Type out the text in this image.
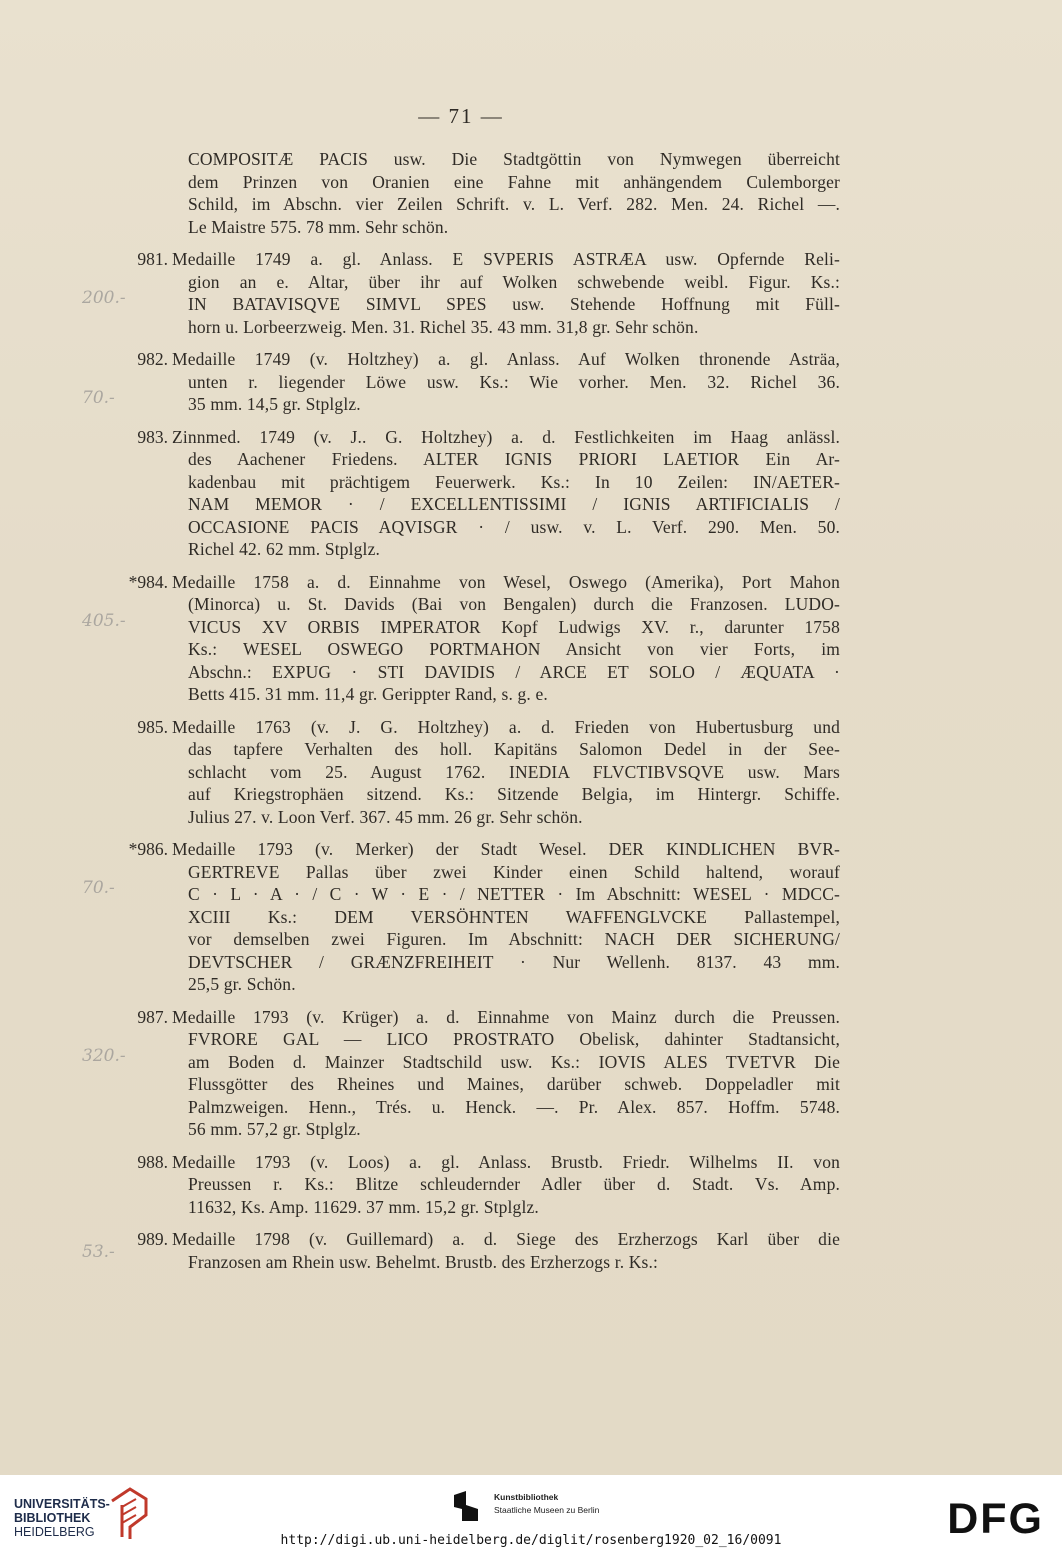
— 71 —
COMPOSITÆ PACIS usw. Die Stadtgöttin von Nymwegen überreicht
dem Prinzen von Oranien eine Fahne mit anhängendem Culemborger
Schild, im Abschn. vier Zeilen Schrift. v. L. Verf. 282. Men. 24. Richel —.
Le Maistre 575. 78 mm. Sehr schön.
981.
200.-
Medaille 1749 a. gl. Anlass. E SVPERIS ASTRÆA usw. Opfernde Reli-
gion an e. Altar, über ihr auf Wolken schwebende weibl. Figur. Ks.:
IN BATAVISQVE SIMVL SPES usw. Stehende Hoffnung mit Füll-
horn u. Lorbeerzweig. Men. 31. Richel 35. 43 mm. 31,8 gr. Sehr schön.
982.
70.-
Medaille 1749 (v. Holtzhey) a. gl. Anlass. Auf Wolken thronende Asträa,
unten r. liegender Löwe usw. Ks.: Wie vorher. Men. 32. Richel 36.
35 mm. 14,5 gr. Stplglz.
983. Zinnmed. 1749 (v. J.. G. Holtzhey) a. d. Festlichkeiten im Haag anlässl.
des Aachener Friedens. ALTER IGNIS PRIORI LAETIOR Ein Ar-
kadenbau mit prächtigem Feuerwerk. Ks.: In 10 Zeilen: IN/AETER-
NAM MEMOR · / EXCELLENTISSIMI / IGNIS ARTIFICIALIS /
OCCASIONE PACIS AQVISGR · / usw. v. L. Verf. 290. Men. 50.
Richel 42. 62 mm. Stplglz.
*984.
405.-
Medaille 1758 a. d. Einnahme von Wesel, Oswego (Amerika), Port Mahon
(Minorca) u. St. Davids (Bai von Bengalen) durch die Franzosen. LUDO-
VICUS XV ORBIS IMPERATOR Kopf Ludwigs XV. r., darunter 1758
Ks.: WESEL OSWEGO PORTMAHON Ansicht von vier Forts, im
Abschn.: EXPUG · STI DAVIDIS / ARCE ET SOLO / ÆQUATA ·
Betts 415. 31 mm. 11,4 gr. Gerippter Rand, s. g. e.
985. Medaille 1763 (v. J. G. Holtzhey) a. d. Frieden von Hubertusburg und
das tapfere Verhalten des holl. Kapitäns Salomon Dedel in der See-
schlacht vom 25. August 1762. INEDIA FLVCTIBVSQVE usw. Mars
auf Kriegstrophäen sitzend. Ks.: Sitzende Belgia, im Hintergr. Schiffe.
Julius 27. v. Loon Verf. 367. 45 mm. 26 gr. Sehr schön.
*986.
70.-
Medaille 1793 (v. Merker) der Stadt Wesel. DER KINDLICHEN BVR-
GERTREVE Pallas über zwei Kinder einen Schild haltend, worauf
C · L · A · / C · W · E · / NETTER · Im Abschnitt: WESEL · MDCC-
XCIII Ks.: DEM VERSÖHNTEN WAFFENGLVCKE Pallastempel,
vor demselben zwei Figuren. Im Abschnitt: NACH DER SICHERUNG/
DEVTSCHER / GRÆNZFREIHEIT · Nur Wellenh. 8137. 43 mm.
25,5 gr. Schön.
987.
320.-
Medaille 1793 (v. Krüger) a. d. Einnahme von Mainz durch die Preussen.
FVRORE GAL — LICO PROSTRATO Obelisk, dahinter Stadtansicht,
am Boden d. Mainzer Stadtschild usw. Ks.: IOVIS ALES TVETVR Die
Flussgötter des Rheines und Maines, darüber schweb. Doppeladler mit
Palmzweigen. Henn., Trés. u. Henck. —. Pr. Alex. 857. Hoffm. 5748.
56 mm. 57,2 gr. Stplglz.
988. Medaille 1793 (v. Loos) a. gl. Anlass. Brustb. Friedr. Wilhelms II. von
Preussen r. Ks.: Blitze schleudernder Adler über d. Stadt. Vs. Amp.
11632, Ks. Amp. 11629. 37 mm. 15,2 gr. Stplglz.
989.
53.-
Medaille 1798 (v. Guillemard) a. d. Siege des Erzherzogs Karl über die
Franzosen am Rhein usw. Behelmt. Brustb. des Erzherzogs r. Ks.:
UNIVERSITÄTS-
BIBLIOTHEK
HEIDELBERG
Kunstbibliothek
Staatliche Museen zu Berlin	DFG
http://digi.ub.uni-heidelberg.de/diglit/rosenberg1920_02_16/0091
